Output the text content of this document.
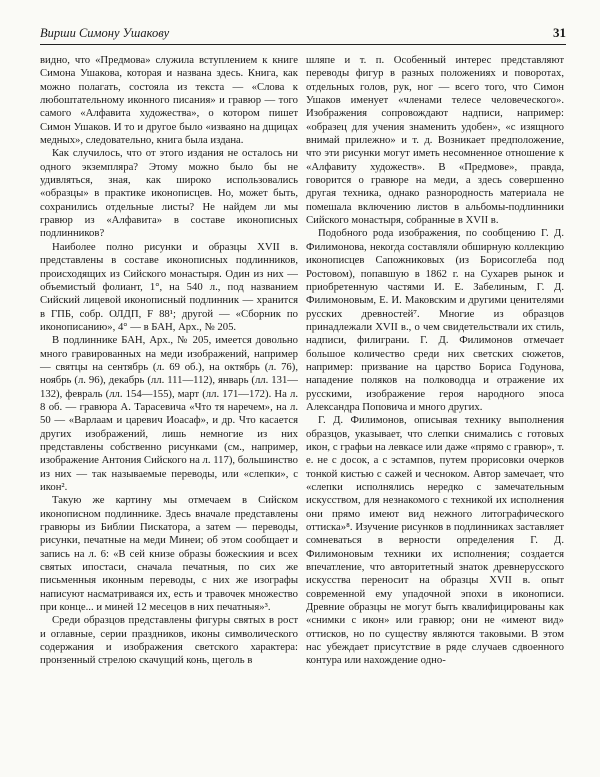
Вирши Симону Ушакову	31

видно, что «Предмова» служила вступлением к книге Симона Ушакова, которая и названа здесь. Книга, как можно полагать, состояла из текста — «Слова к любоштательному иконного писания» и гравюр — того самого «Алфавита художества», о котором пишет Симон Ушаков. И то и другое было «изваяно на дщицах медных», следовательно, книга была издана.

Как случилось, что от этого издания не осталось ни одного экземпляра? Этому можно было бы не удивляться, зная, как широко использовались «образцы» в практике иконописцев. Но, может быть, сохранились отдельные листы? Не найдем ли мы гравюр из «Алфавита» в составе иконописных подлинников?

Наиболее полно рисунки и образцы XVII в. представлены в составе иконописных подлинников, происходящих из Сийского монастыря. Один из них — объемистый фолиант, 1°, на 540 л., под названием Сийский лицевой иконописный подлинник — хранится в ГПБ, собр. ОЛДП, F 88¹; другой — «Сборник по иконописанию», 4° — в БАН, Арх., № 205.

В подлиннике БАН, Арх., № 205, имеется довольно много гравированных на меди изображений, например — святцы на сентябрь (л. 69 об.), на октябрь (л. 76), ноябрь (л. 96), декабрь (лл. 111—112), январь (лл. 131—132), февраль (лл. 154—155), март (лл. 171—172). На л. 8 об. — гравюра А. Тарасевича «Что тя наречем», на л. 50 — «Варлаам и царевич Иоасаф», и др. Что касается других изображений, лишь немногие из них представлены собственно рисунками (см., например, изображение Антония Сийского на л. 117), большинство из них — так называемые переводы, или «слепки», с икон².

Такую же картину мы отмечаем в Сийском иконописном подлиннике. Здесь вначале представлены гравюры из Библии Пискатора, а затем — переводы, рисунки, печатные на меди Минеи; об этом сообщает и запись на л. 6: «В сей книзе образы божескиия и всех святых ипостаси, сначала печатныя, по сих же письменныя иконным переводы, с них же изографы написуют насматриваяся их, есть и травочек множество при конце... и миней 12 месецов в них печатныя»³.

Среди образцов представлены фигуры святых в рост и оглавные, серии праздников, иконы символического содержания и изображения светского характера: пронзенный стрелою скачущий конь, щеголь в

шляпе и т. п. Особенный интерес представляют переводы фигур в разных положениях и поворотах, отдельных голов, рук, ног — всего того, что Симон Ушаков именует «членами телесе человеческого». Изображения сопровождают надписи, например: «образец для учения знаменить удобен», «с изящного внимай прилежно» и т. д. Возникает предположение, что эти рисунки могут иметь несомненное отношение к «Алфавиту художеств». В «Предмове», правда, говорится о гравюре на меди, а здесь совершенно другая техника, однако разнородность материала не помешала включению листов в альбомы-подлинники Сийского монастыря, собранные в XVII в.

Подобного рода изображения, по сообщению Г. Д. Филимонова, некогда составляли обширную коллекцию иконописцев Сапожниковых (из Борисоглеба под Ростовом), попавшую в 1862 г. на Сухарев рынок и приобретенную частями И. Е. Забелиным, Г. Д. Филимоновым, Е. И. Маковским и другими ценителями русских древностей⁷. Многие из образцов принадлежали XVII в., о чем свидетельствали их стиль, надписи, филиграни. Г. Д. Филимонов отмечает большое количество среди них светских сюжетов, например: призвание на царство Бориса Годунова, нападение поляков на полководца и отражение их русскими, изображение героя народного эпоса Александра Поповича и много других.

Г. Д. Филимонов, описывая технику выполнения образцов, указывает, что слепки снимались с готовых икон, с графьи на левкасе или даже «прямо с гравюр», т. е. не с досок, а с эстампов, путем прорисовки очерков тонкой кистью с сажей и чесноком. Автор замечает, что «слепки исполнялись нередко с замечательным искусством, для незнакомого с техникой их исполнения они прямо имеют вид нежного литографического оттиска»⁸. Изучение рисунков в подлинниках заставляет сомневаться в верности определения Г. Д. Филимоновым техники их исполнения; создается впечатление, что авторитетный знаток древнерусского искусства переносит на образцы XVII в. опыт современной ему упадочной эпохи в иконописи. Древние образцы не могут быть квалифицированы как «снимки с икон» или гравюр; они не «имеют вид» оттисков, но по существу являются таковыми. В этом нас убеждает присутствие в ряде случаев сдвоенного контура или нахождение одно-
